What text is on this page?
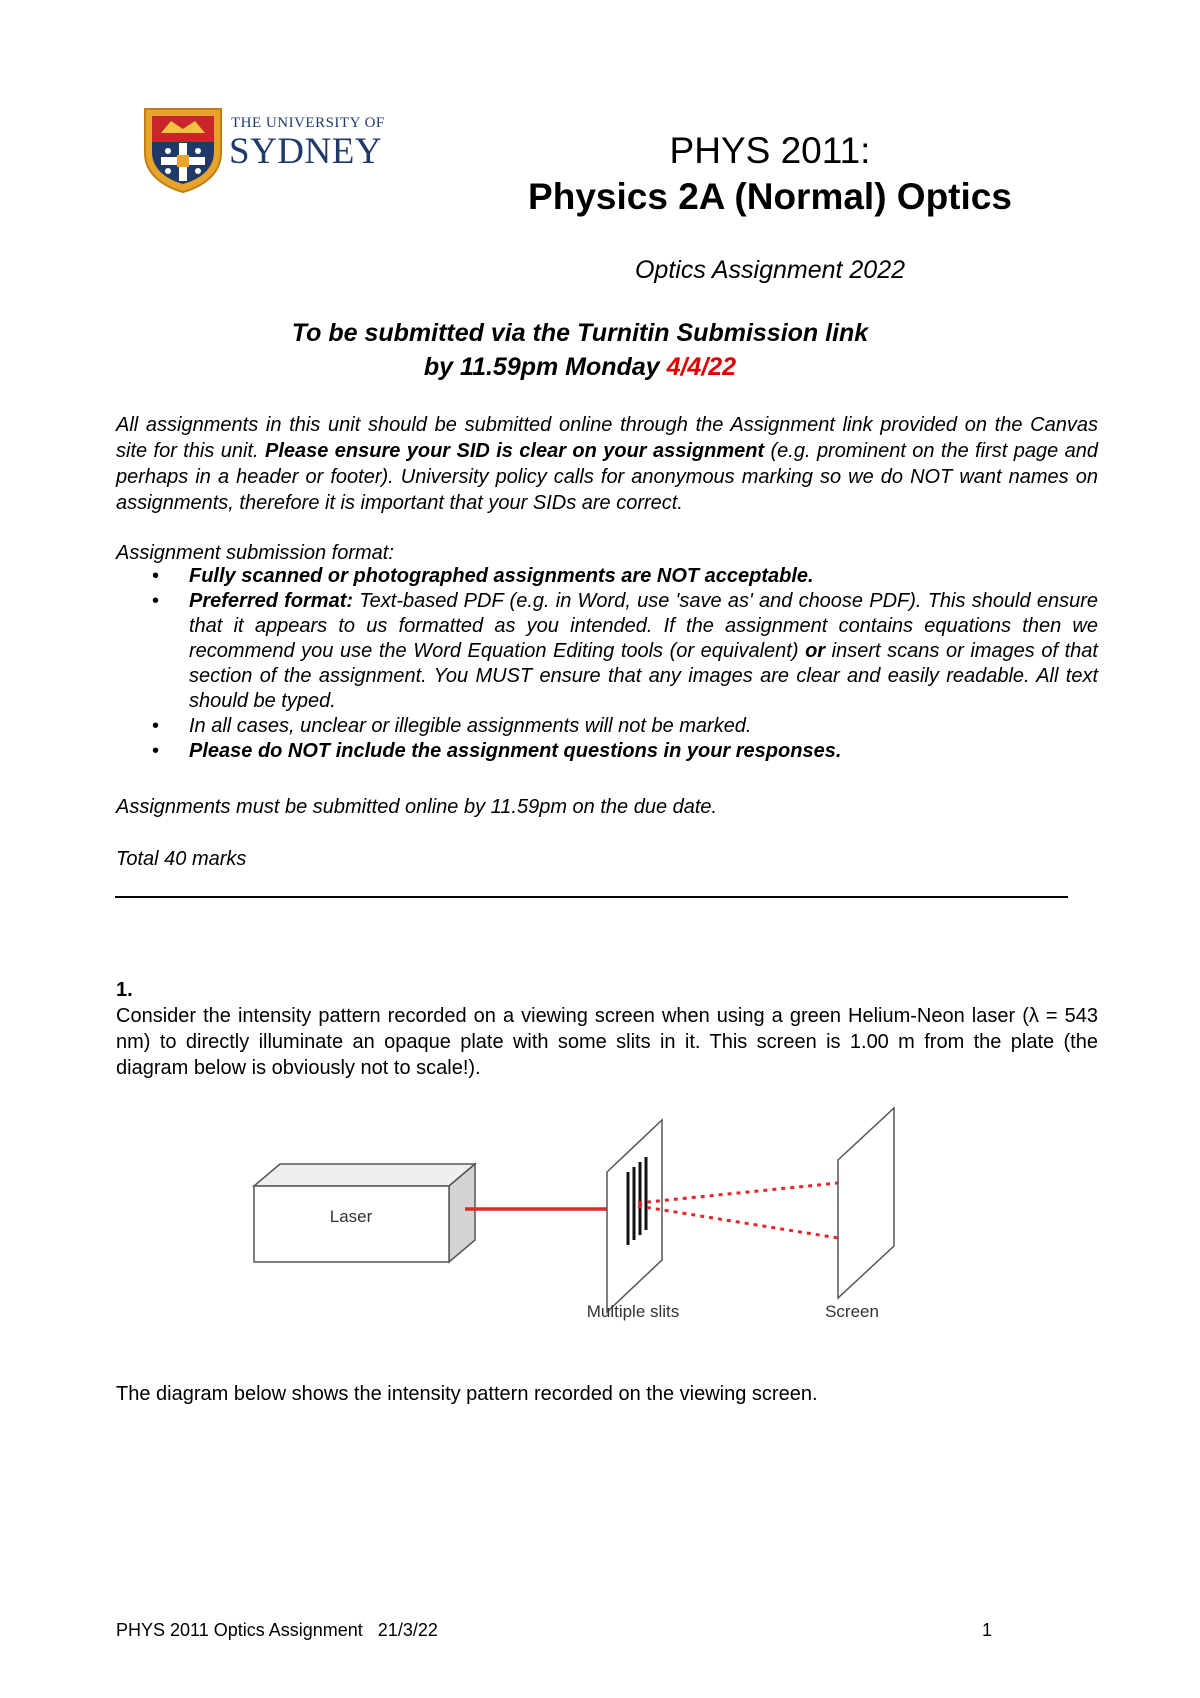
THE UNIVERSITY OF
SYDNEY	PHYS 2011:
Physics 2A (Normal) Optics
Optics Assignment 2022
To be submitted via the Turnitin Submission link
by 11.59pm Monday 4/4/22
All assignments in this unit should be submitted online through the Assignment link provided on the Canvas site for this unit. Please ensure your SID is clear on your assignment (e.g. prominent on the first page and perhaps in a header or footer). University policy calls for anonymous marking so we do NOT want names on assignments, therefore it is important that your SIDs are correct.
Assignment submission format:
• Fully scanned or photographed assignments are NOT acceptable.
• Preferred format: Text-based PDF (e.g. in Word, use 'save as' and choose PDF). This should ensure that it appears to us formatted as you intended. If the assignment contains equations then we recommend you use the Word Equation Editing tools (or equivalent) or insert scans or images of that section of the assignment. You MUST ensure that any images are clear and easily readable. All text should be typed.
• In all cases, unclear or illegible assignments will not be marked.
• Please do NOT include the assignment questions in your responses.
Assignments must be submitted online by 11.59pm on the due date.
Total 40 marks
1.
Consider the intensity pattern recorded on a viewing screen when using a green Helium-Neon laser (λ = 543 nm) to directly illuminate an opaque plate with some slits in it. This screen is 1.00 m from the plate (the diagram below is obviously not to scale!).
Laser
Multiple slits	Screen
The diagram below shows the intensity pattern recorded on the viewing screen.
PHYS 2011 Optics Assignment   21/3/22	1
